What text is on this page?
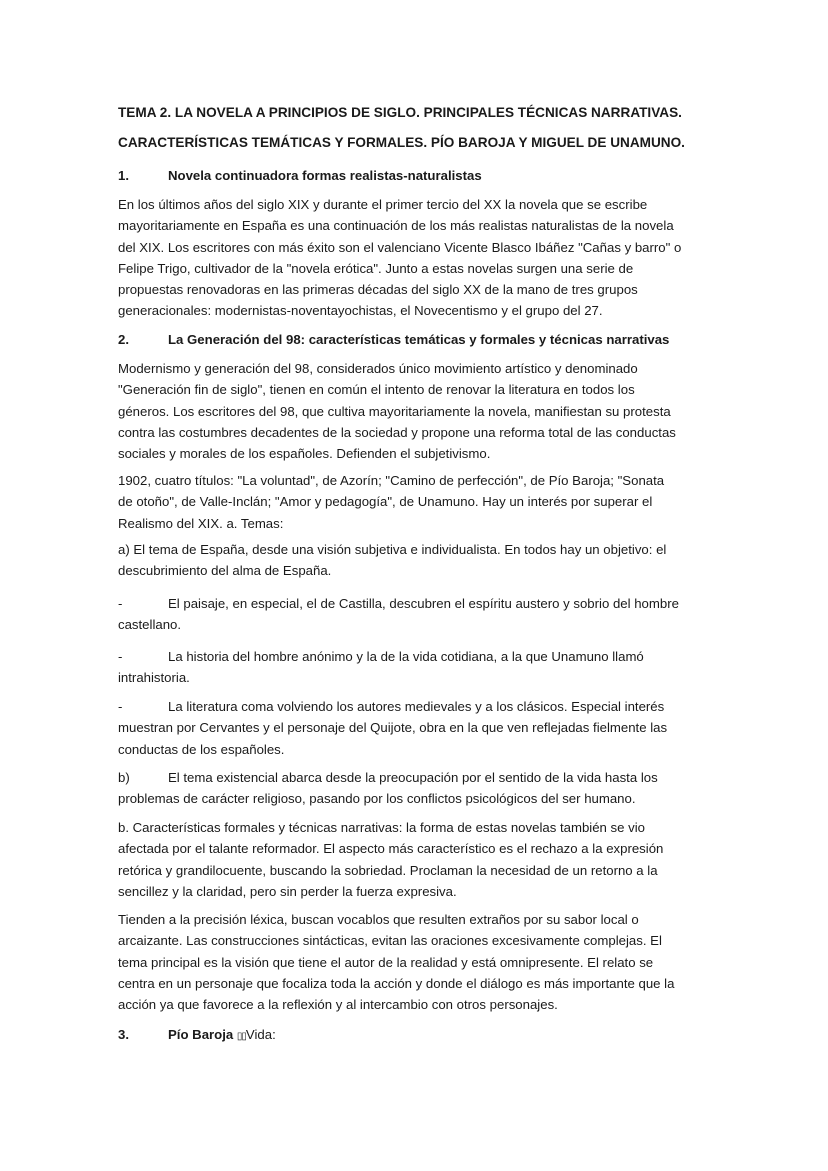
TEMA 2. LA NOVELA A PRINCIPIOS DE SIGLO. PRINCIPALES TÉCNICAS NARRATIVAS.
CARACTERÍSTICAS TEMÁTICAS Y FORMALES. PÍO BAROJA Y MIGUEL DE UNAMUNO.
1.	Novela continuadora formas realistas-naturalistas
En los últimos años del siglo XIX y durante el primer tercio del XX la novela que se escribe
mayoritariamente en España es una continuación de los más realistas naturalistas de la novela
del XIX. Los escritores con más éxito son el valenciano Vicente Blasco Ibáñez "Cañas y barro" o
Felipe Trigo, cultivador de la "novela erótica". Junto a estas novelas surgen una serie de
propuestas renovadoras en las primeras décadas del siglo XX de la mano de tres grupos
generacionales: modernistas-noventayochistas, el Novecentismo y el grupo del 27.
2.	La Generación del 98: características temáticas y formales y técnicas narrativas
Modernismo y generación del 98, considerados único movimiento artístico y denominado
"Generación fin de siglo", tienen en común el intento de renovar la literatura en todos los
géneros. Los escritores del 98, que cultiva mayoritariamente la novela, manifiestan su protesta
contra las costumbres decadentes de la sociedad y propone una reforma total de las conductas
sociales y morales de los españoles. Defienden el subjetivismo.
1902, cuatro títulos: "La voluntad", de Azorín; "Camino de perfección", de Pío Baroja; "Sonata
de otoño", de Valle-Inclán; "Amor y pedagogía", de Unamuno. Hay un interés por superar el
Realismo del XIX. a. Temas:
a) El tema de España, desde una visión subjetiva e individualista. En todos hay un objetivo: el
descubrimiento del alma de España.
-	El paisaje, en especial, el de Castilla, descubren el espíritu austero y sobrio del hombre
castellano.
-	La historia del hombre anónimo y la de la vida cotidiana, a la que Unamuno llamó
intrahistoria.
-	La literatura coma volviendo los autores medievales y a los clásicos. Especial interés
muestran por Cervantes y el personaje del Quijote, obra en la que ven reflejadas fielmente las
conductas de los españoles.
b)	El tema existencial abarca desde la preocupación por el sentido de la vida hasta los
problemas de carácter religioso, pasando por los conflictos psicológicos del ser humano.
b. Características formales y técnicas narrativas: la forma de estas novelas también se vio
afectada por el talante reformador. El aspecto más característico es el rechazo a la expresión
retórica y grandilocuente, buscando la sobriedad. Proclaman la necesidad de un retorno a la
sencillez y la claridad, pero sin perder la fuerza expresiva.
Tienden a la precisión léxica, buscan vocablos que resulten extraños por su sabor local o
arcaizante. Las construcciones sintácticas, evitan las oraciones excesivamente complejas. El
tema principal es la visión que tiene el autor de la realidad y está omnipresente. El relato se
centra en un personaje que focaliza toda la acción y donde el diálogo es más importante que la
acción ya que favorece a la reflexión y al intercambio con otros personajes.
3.	Pío Baroja ▯▯Vida:
